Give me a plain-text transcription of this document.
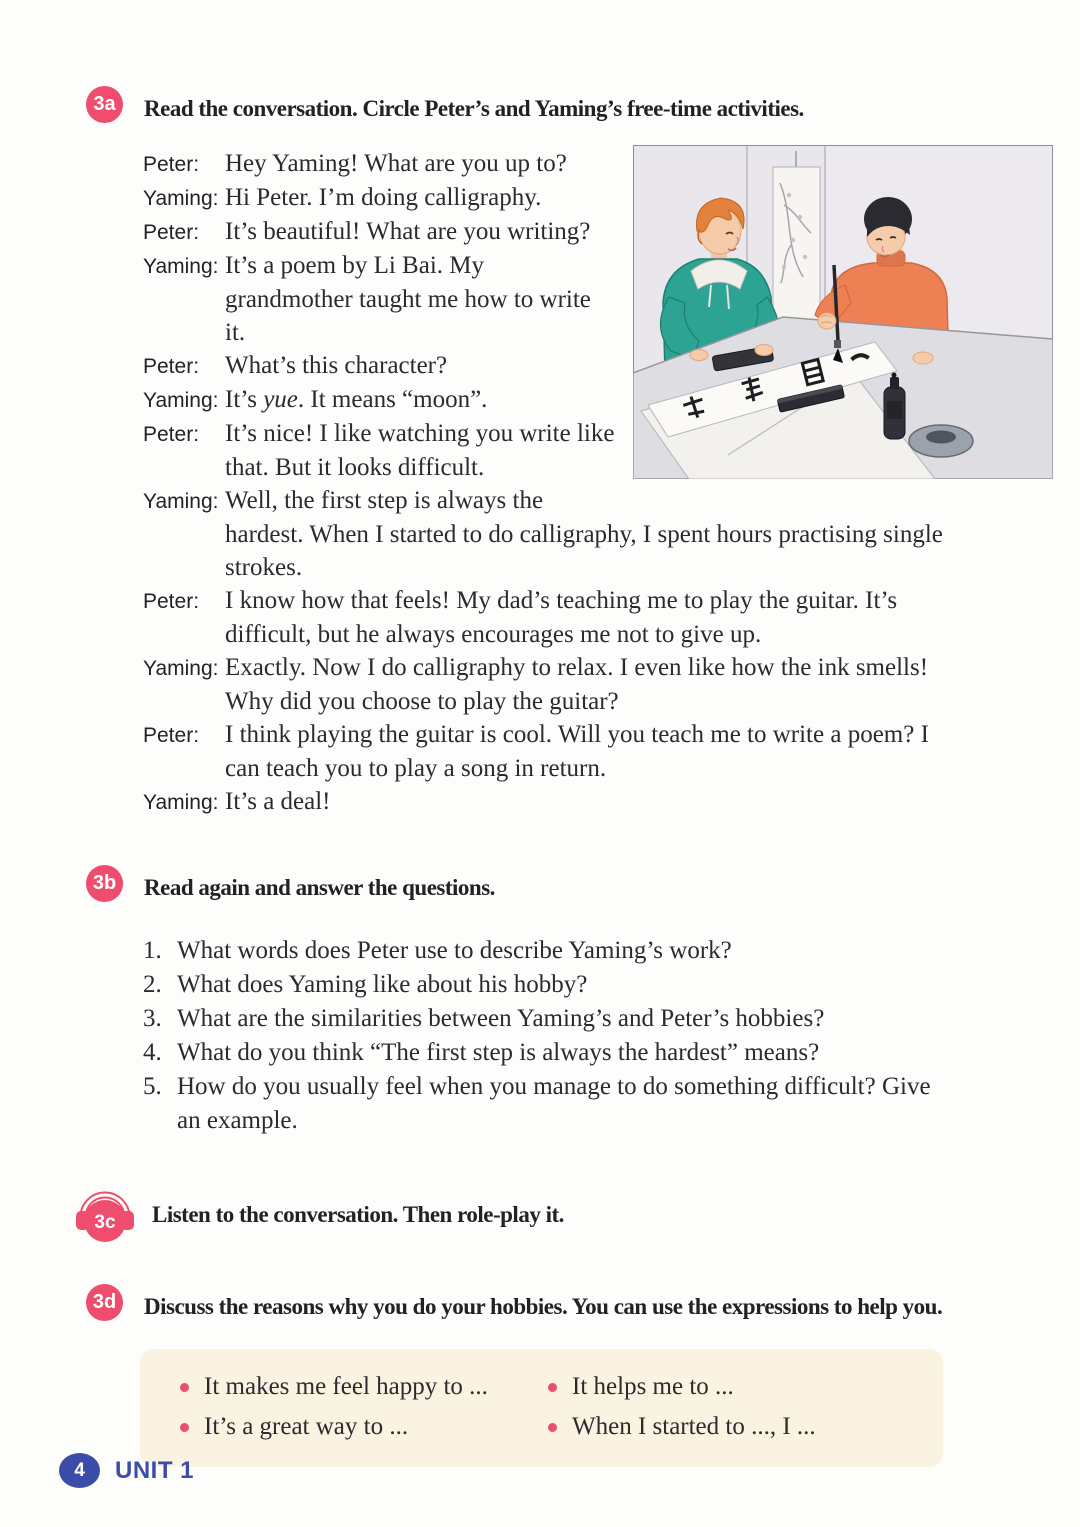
3a	Read the conversation. Circle Peter’s and Yaming’s free-time activities.

Peter: Hey Yaming! What are you up to?

Yaming: Hi Peter. I’m doing calligraphy.

Peter: It’s beautiful! What are you writing?

Yaming: It’s a poem by Li Bai. My grandmother taught me how to write it.

Peter: What’s this character?

Yaming: It’s yue. It means “moon”.

Peter: It’s nice! I like watching you write like that. But it looks difficult.

Yaming: Well, the first step is always the hardest. When I started to do calligraphy, I spent hours practising single strokes.

Peter: I know how that feels! My dad’s teaching me to play the guitar. It’s difficult, but he always encourages me not to give up.

Yaming: Exactly. Now I do calligraphy to relax. I even like how the ink smells! Why did you choose to play the guitar?

Peter: I think playing the guitar is cool. Will you teach me to write a poem? I can teach you to play a song in return.

Yaming: It’s a deal!

3b Read again and answer the questions.

1. What words does Peter use to describe Yaming’s work?

2. What does Yaming like about his hobby?

3. What are the similarities between Yaming’s and Peter’s hobbies?

4. What do you think “The first step is always the hardest” means?

5. How do you usually feel when you manage to do something difficult? Give an example.

3c Listen to the conversation. Then role-play it.
3d Discuss the reasons why you do your hobbies. You can use the expressions to help you.
It makes me feel happy to ...	It helps me to ...
It’s a great way to ...	When I started to ..., I ...
4	UNIT 1
